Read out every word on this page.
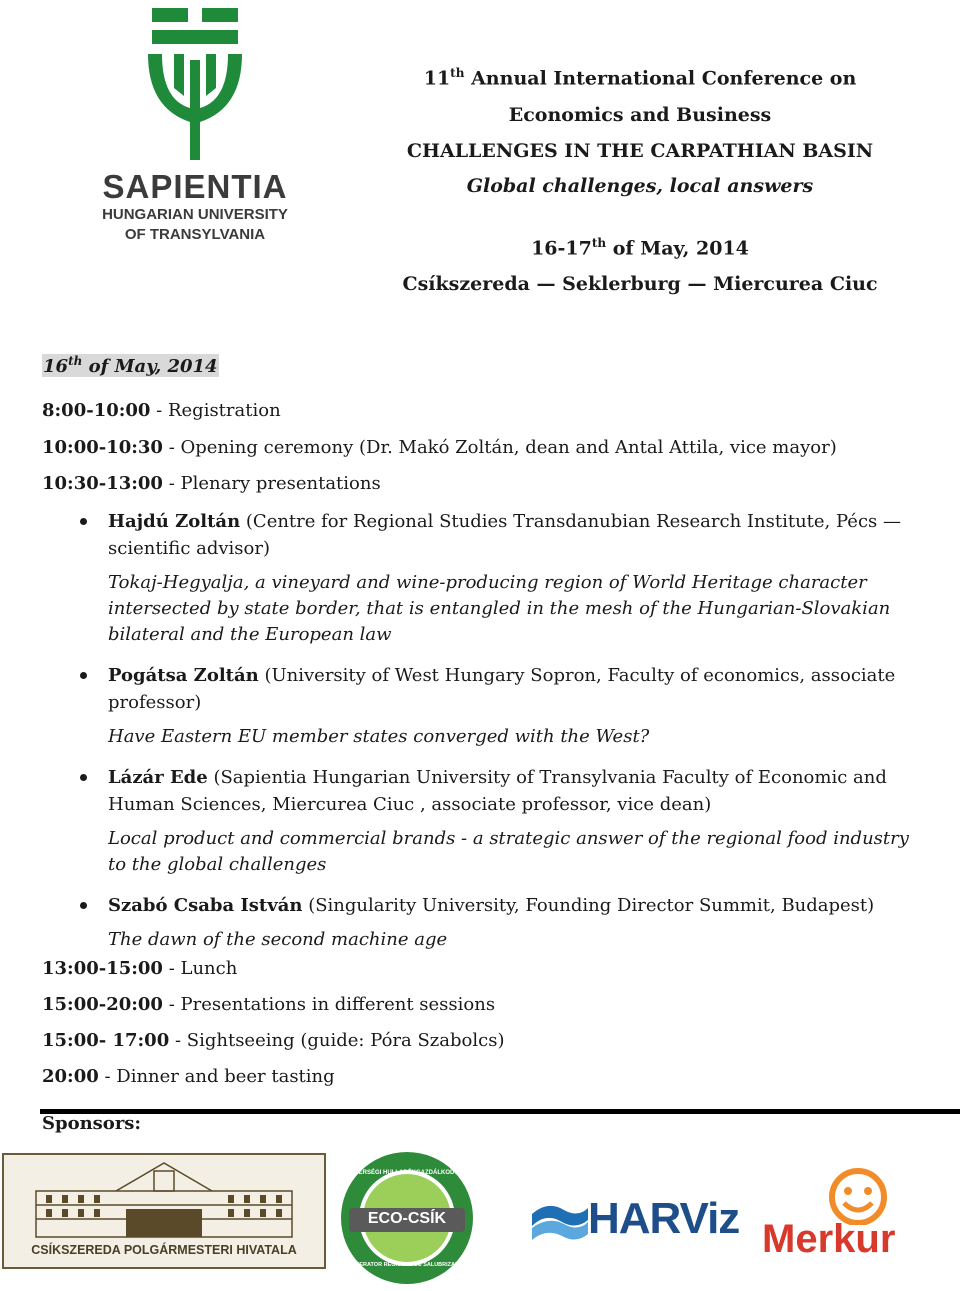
SAPIENTIA
HUNGARIAN UNIVERSITY
OF TRANSYLVANIA
11th Annual International Conference on
Economics and Business
CHALLENGES IN THE CARPATHIAN BASIN
Global challenges, local answers
16-17th of May, 2014
Csíkszereda — Seklerburg — Miercurea Ciuc
16th of May, 2014
8:00-10:00 - Registration
10:00-10:30 - Opening ceremony (Dr. Makó Zoltán, dean and Antal Attila, vice mayor)
10:30-13:00 - Plenary presentations
Hajdú Zoltán (Centre for Regional Studies Transdanubian Research Institute, Pécs — scientific advisor)
Tokaj-Hegyalja, a vineyard and wine-producing region of World Heritage character intersected by state border, that is entangled in the mesh of the Hungarian-Slovakian bilateral and the European law
Pogátsa Zoltán (University of West Hungary Sopron, Faculty of economics, associate professor)
Have Eastern EU member states converged with the West?
Lázár Ede (Sapientia Hungarian University of Transylvania Faculty of Economic and Human Sciences, Miercurea Ciuc , associate professor, vice dean)
Local product and commercial brands - a strategic answer of the regional food industry to the global challenges
Szabó Csaba István (Singularity University, Founding Director Summit, Budapest)
The dawn of the second machine age
13:00-15:00 - Lunch
15:00-20:00 - Presentations in different sessions
15:00- 17:00 - Sightseeing (guide: Póra Szabolcs)
20:00 - Dinner and beer tasting
Sponsors:
CSÍKSZEREDA POLGÁRMESTERI HIVATALA
ECO-CSÍK
TERSÉGI HULLADÉKGAZDÁLKODÓ
OPERATOR REGIONAL DE SALUBRIZARE
HARViz Merkur
